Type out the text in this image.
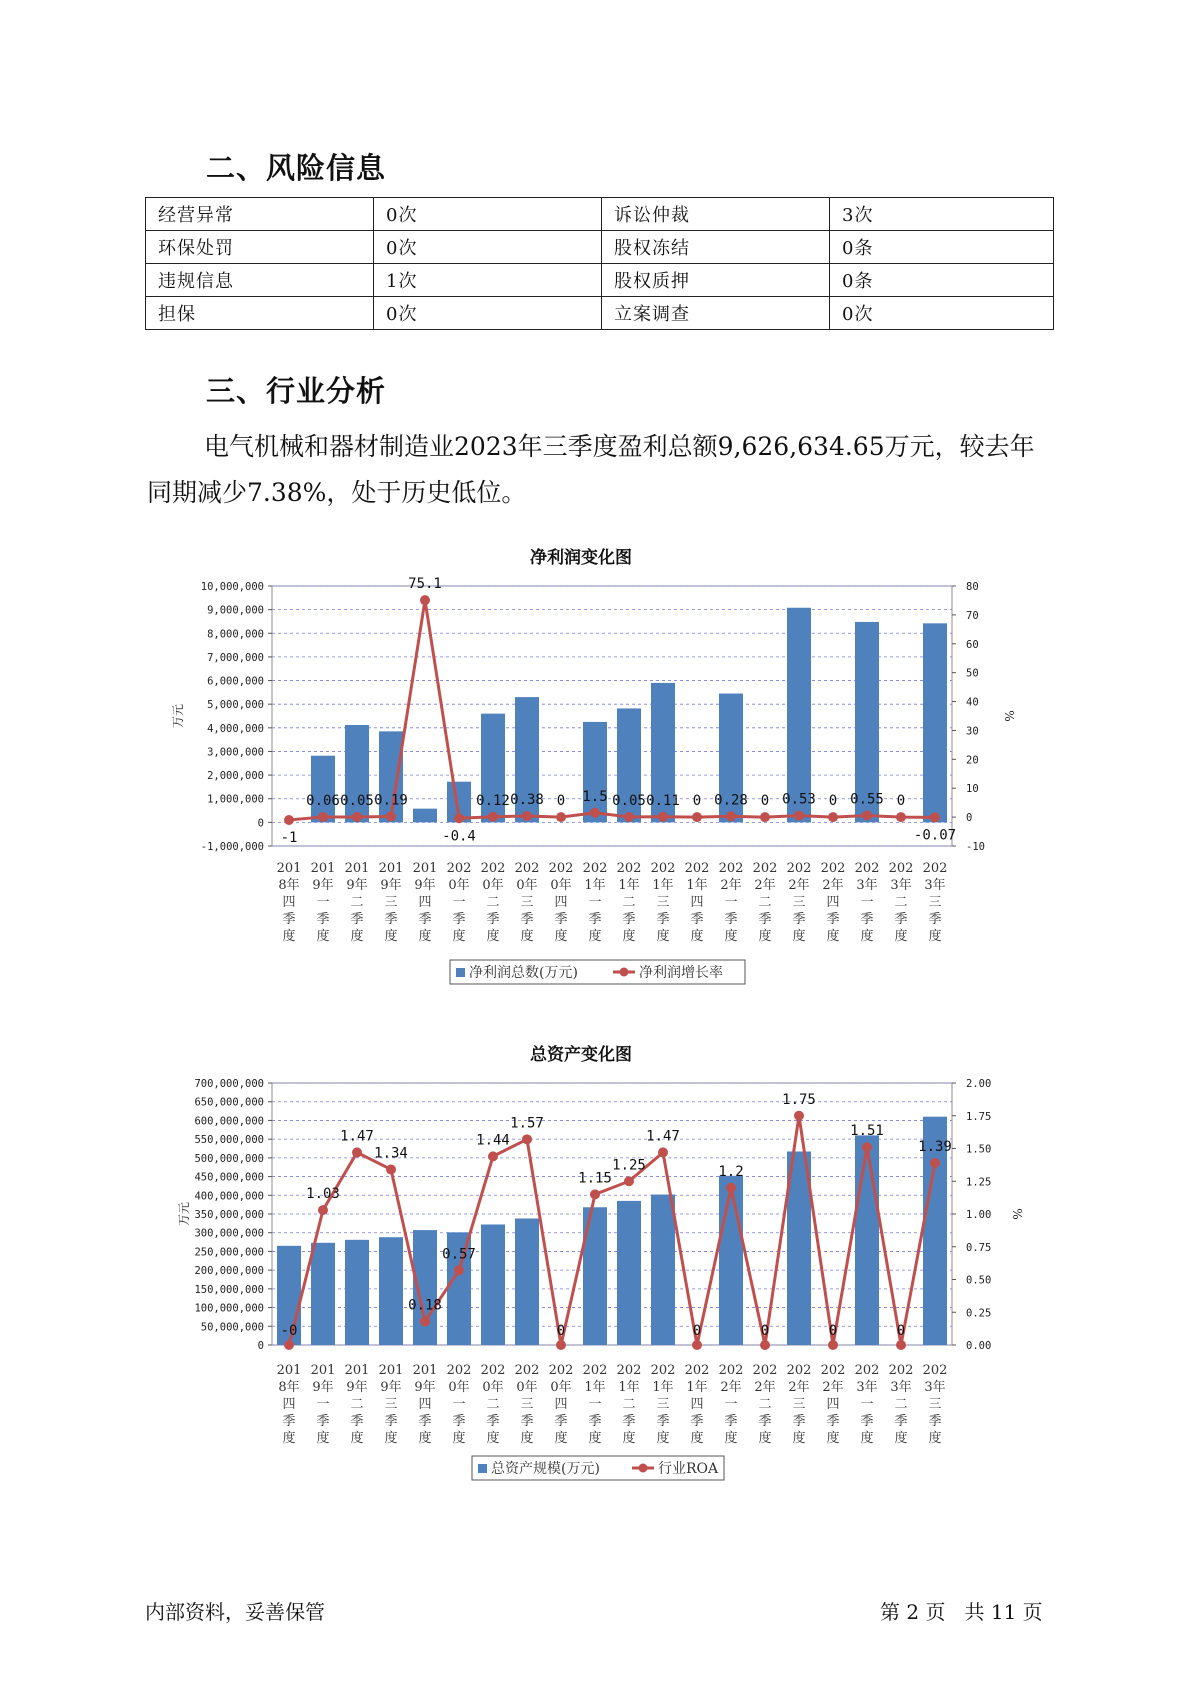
二、风险信息
经营异常	0次	诉讼仲裁	3次
环保处罚	0次	股权冻结	0条
违规信息	1次	股权质押	0条
担保	0次	立案调查	0次
三、行业分析

电气机械和器材制造业2023年三季度盈利总额9,626,634.65万元，较去年同期减少7.38%，处于历史低位。

净利润变化图
-1,000,000
0
1,000,000
2,000,000
3,000,000
4,000,000
5,000,000
6,000,000
7,000,000
8,000,000
9,000,000
10,000,000
-10
0
10
20
30
40
50
60
70
80
万元	%
-1
0.06 0.05 0.19
75.1
-0.4
0.12 0.38 0 1.5 0.05 0.11 0 0.28 0 0.53 0 0.55 0
-0.07
201
8年
四
季
度
201
9年
一
季
度
201
9年
二
季
度
201
9年
三
季
度
201
9年
四
季
度
202
0年
一
季
度
202
0年
二
季
度
202
0年
三
季
度
202
0年
四
季
度
202
1年
一
季
度
202
1年
二
季
度
202
1年
三
季
度
202
1年
四
季
度
202
2年
一
季
度
202
2年
二
季
度
202
2年
三
季
度
202
2年
四
季
度
202
3年
一
季
度
202
3年
二
季
度
202
3年
三
季
度
净利润总数(万元)	净利润增长率
总资产变化图
0
50,000,000
100,000,000
150,000,000
200,000,000
250,000,000
300,000,000
350,000,000
400,000,000
450,000,000
500,000,000
550,000,000
600,000,000
650,000,000
700,000,000
0.00
0.25
0.50
0.75
1.00
1.25
1.50
1.75
2.00
万元	%
-0
1.03
1.47
1.34
0.18
0.57
1.44
1.57
0
1.15
1.25
1.47
0
1.2
0
1.75
0
1.51
0
1.39
201
8年
四
季
度
201
9年
一
季
度
201
9年
二
季
度
201
9年
三
季
度
201
9年
四
季
度
202
0年
一
季
度
202
0年
二
季
度
202
0年
三
季
度
202
0年
四
季
度
202
1年
一
季
度
202
1年
二
季
度
202
1年
三
季
度
202
1年
四
季
度
202
2年
一
季
度
202
2年
二
季
度
202
2年
三
季
度
202
2年
四
季
度
202
3年
一
季
度
202
3年
二
季
度
202
3年
三
季
度
总资产规模(万元)	行业ROA
内部资料，妥善保管	第 2 页   共 11 页
